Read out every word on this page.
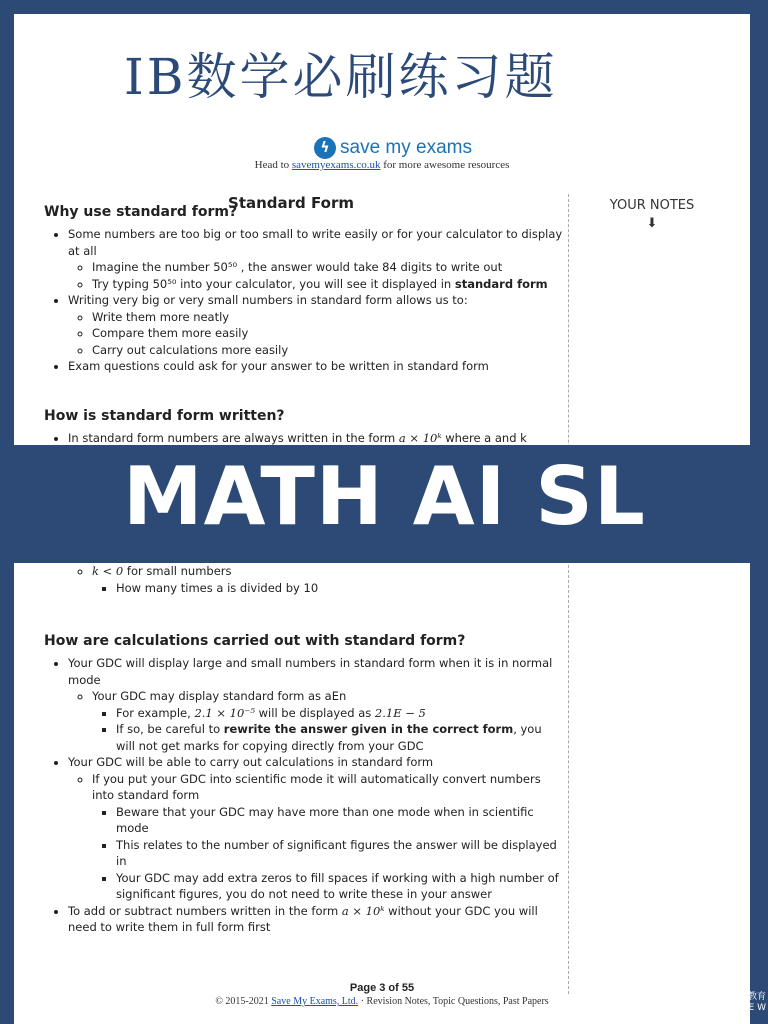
IB数学必刷练习题
ϟ save my exams
Head to savemyexams.co.uk for more awesome resources
YOUR NOTES
⬇
Standard Form
Why use standard form?
• Some numbers are too big or too small to write easily or for your calculator to display at all
◦ Imagine the number 50⁵⁰ , the answer would take 84 digits to write out
◦ Try typing 50⁵⁰ into your calculator, you will see it displayed in standard form
• Writing very big or very small numbers in standard form allows us to:
◦ Write them more neatly
◦ Compare them more easily
◦ Carry out calculations more easily
• Exam questions could ask for your answer to be written in standard form
How is standard form written?
• In standard form numbers are always written in the form a × 10ᵏ where a and k
◦ k < 0 for small numbers
▪ How many times a is divided by 10
How are calculations carried out with standard form?
• Your GDC will display large and small numbers in standard form when it is in normal mode
◦ Your GDC may display standard form as aEn
▪ For example, 2.1 × 10⁻⁵ will be displayed as 2.1E − 5
▪ If so, be careful to rewrite the answer given in the correct form, you will not get marks for copying directly from your GDC
• Your GDC will be able to carry out calculations in standard form
◦ If you put your GDC into scientific mode it will automatically convert numbers into standard form
▪ Beware that your GDC may have more than one mode when in scientific mode
▪ This relates to the number of significant figures the answer will be displayed in
▪ Your GDC may add extra zeros to fill spaces if working with a high number of significant figures, you do not need to write these in your answer
• To add or subtract numbers written in the form a × 10ᵏ without your GDC you will need to write them in full form first
Page 3 of 55
© 2015-2021 Save My Exams, Ltd. · Revision Notes, Topic Questions, Past Papers
MATH AI SL
教育
E W
